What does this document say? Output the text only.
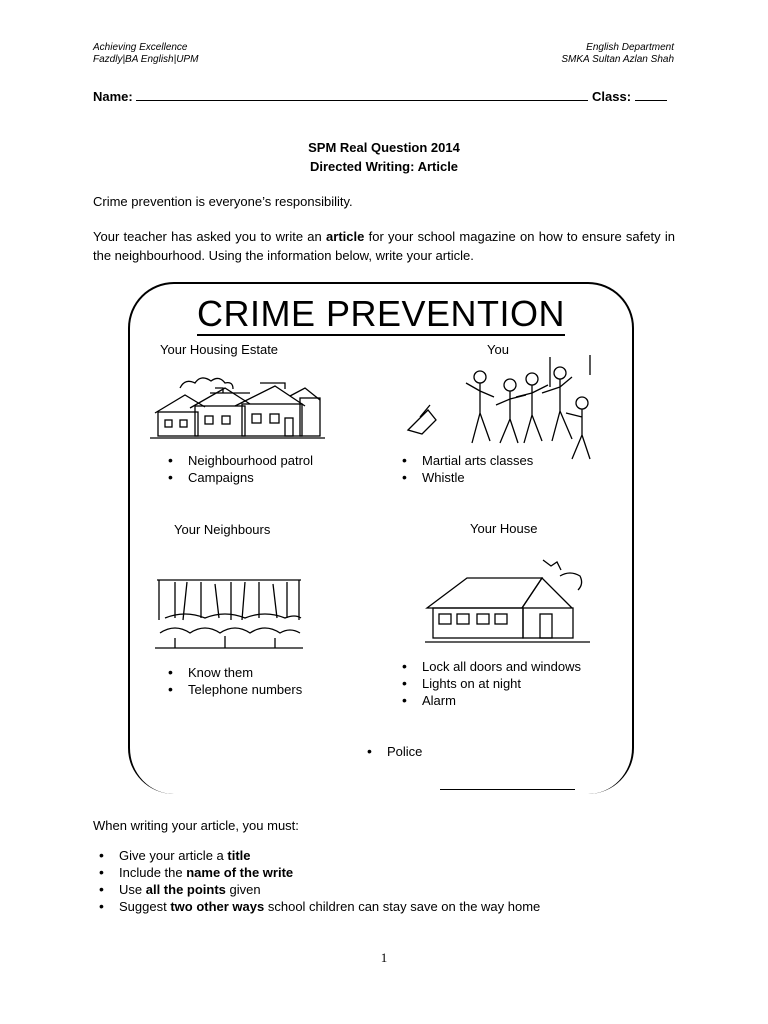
Achieving Excellence
Fazdly|BA English|UPM
English Department
SMKA Sultan Azlan Shah
Name:	Class:
SPM Real Question 2014
Directed Writing: Article
Crime prevention is everyone’s responsibility.
Your teacher has asked you to write an article for your school magazine on how to ensure safety in the neighbourhood. Using the information below, write your article.
CRIME PREVENTION
Your Housing Estate
• Neighbourhood patrol
• Campaigns
You
• Martial arts classes
• Whistle
Your Neighbours
• Know them
• Telephone numbers
Your House
• Lock all doors and windows
• Lights on at night
• Alarm
• Police
When writing your article, you must:
• Give your article a title
• Include the name of the write
• Use all the points given
• Suggest two other ways school children can stay save on the way home
1
